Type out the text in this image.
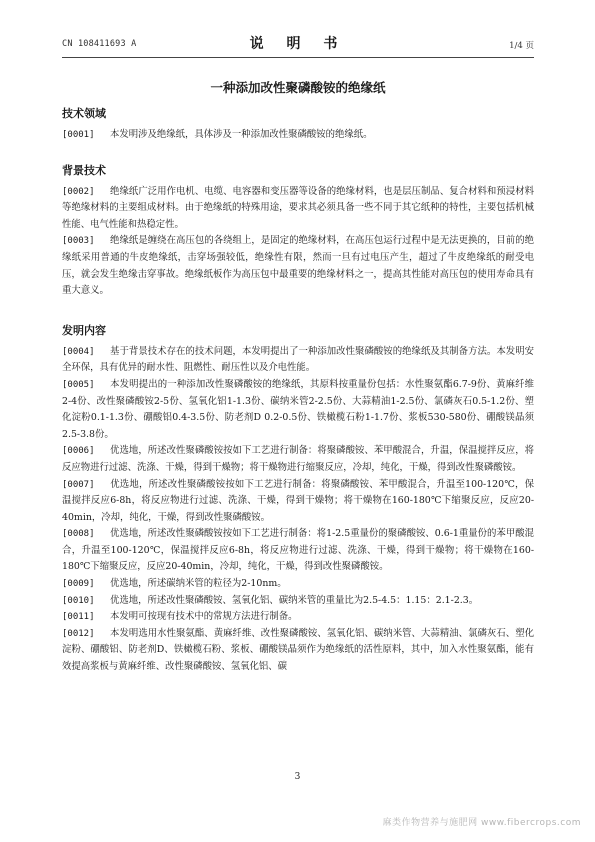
CN 108411693 A	说 明 书	1/4 页
一种添加改性聚磷酸铵的绝缘纸
技术领域

[0001] 本发明涉及绝缘纸，具体涉及一种添加改性聚磷酸铵的绝缘纸。

背景技术

[0002] 绝缘纸广泛用作电机、电缆、电容器和变压器等设备的绝缘材料，也是层压制品、复合材料和预浸材料等绝缘材料的主要组成材料。由于绝缘纸的特殊用途，要求其必须具备一些不同于其它纸种的特性，主要包括机械性能、电气性能和热稳定性。

[0003] 绝缘纸是缠绕在高压包的各绕组上，是固定的绝缘材料，在高压包运行过程中是无法更换的，目前的绝缘纸采用普通的牛皮绝缘纸，击穿场强较低，绝缘性有限，然而一旦有过电压产生，超过了牛皮绝缘纸的耐受电压，就会发生绝缘击穿事故。绝缘纸板作为高压包中最重要的绝缘材料之一，提高其性能对高压包的使用寿命具有重大意义。

发明内容

[0004] 基于背景技术存在的技术问题，本发明提出了一种添加改性聚磷酸铵的绝缘纸及其制备方法。本发明安全环保，具有优异的耐水性、阻燃性、耐压性以及介电性能。

[0005] 本发明提出的一种添加改性聚磷酸铵的绝缘纸，其原料按重量份包括：水性聚氨酯6.7-9份、黄麻纤维2-4份、改性聚磷酸铵2-5份、氢氧化铝1-1.3份、碳纳米管2-2.5份、大蒜精油1-2.5份、氯磷灰石0.5-1.2份、塑化淀粉0.1-1.3份、硼酸铝0.4-3.5份、防老剂D 0.2-0.5份、铁橄榄石粉1-1.7份、浆板530-580份、硼酸镁晶须2.5-3.8份。

[0006] 优选地，所述改性聚磷酸铵按如下工艺进行制备：将聚磷酸铵、苯甲酸混合，升温，保温搅拌反应，将反应物进行过滤、洗涤、干燥，得到干燥物；将干燥物进行缩聚反应，冷却，纯化，干燥，得到改性聚磷酸铵。

[0007] 优选地，所述改性聚磷酸铵按如下工艺进行制备：将聚磷酸铵、苯甲酸混合，升温至100-120℃，保温搅拌反应6-8h，将反应物进行过滤、洗涤、干燥，得到干燥物；将干燥物在160-180℃下缩聚反应，反应20-40min，冷却，纯化，干燥，得到改性聚磷酸铵。

[0008] 优选地，所述改性聚磷酸铵按如下工艺进行制备：将1-2.5重量份的聚磷酸铵、0.6-1重量份的苯甲酸混合，升温至100-120℃，保温搅拌反应6-8h，将反应物进行过滤、洗涤、干燥，得到干燥物；将干燥物在160-180℃下缩聚反应，反应20-40min，冷却，纯化，干燥，得到改性聚磷酸铵。

[0009] 优选地，所述碳纳米管的粒径为2-10nm。

[0010] 优选地，所述改性聚磷酸铵、氢氧化铝、碳纳米管的重量比为2.5-4.5：1.15：2.1-2.3。

[0011] 本发明可按现有技术中的常规方法进行制备。

[0012] 本发明选用水性聚氨酯、黄麻纤维、改性聚磷酸铵、氢氧化铝、碳纳米管、大蒜精油、氯磷灰石、塑化淀粉、硼酸铝、防老剂D、铁橄榄石粉、浆板、硼酸镁晶须作为绝缘纸的活性原料，其中，加入水性聚氨酯，能有效提高浆板与黄麻纤维、改性聚磷酸铵、氢氧化铝、碳

3
麻类作物营养与施肥网 www.fibercrops.com
